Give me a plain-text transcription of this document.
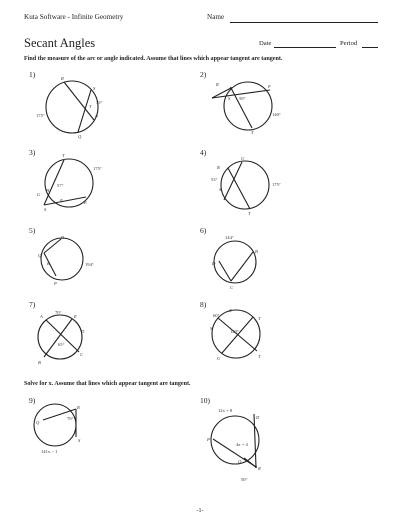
Kuta Software - Infinite Geometry	Name
Secant Angles	Date	Period
Find the measure of the arc or angle indicated. Assume that lines which appear tangent are tangent.
Solve for x. Assume that lines which appear tangent are tangent.
1)	2)
3)	4)
5)	6)
7)	8)
9)	10)
R
S
T
A
Q
175°
35°
R
S
F
T
50°
140°
T
H
G
F	E
S
175°
57°
U
R
S
T
53°
175°
B
Q
R
P
194°
B
D
C
144°
A	E
D
C
B
70°
65°
X
S
T
U	T
60°
120°
R
Q
S
70°
141x − 1
D
P
Q
R
12x + 8
4x + 4
50°
-1-
